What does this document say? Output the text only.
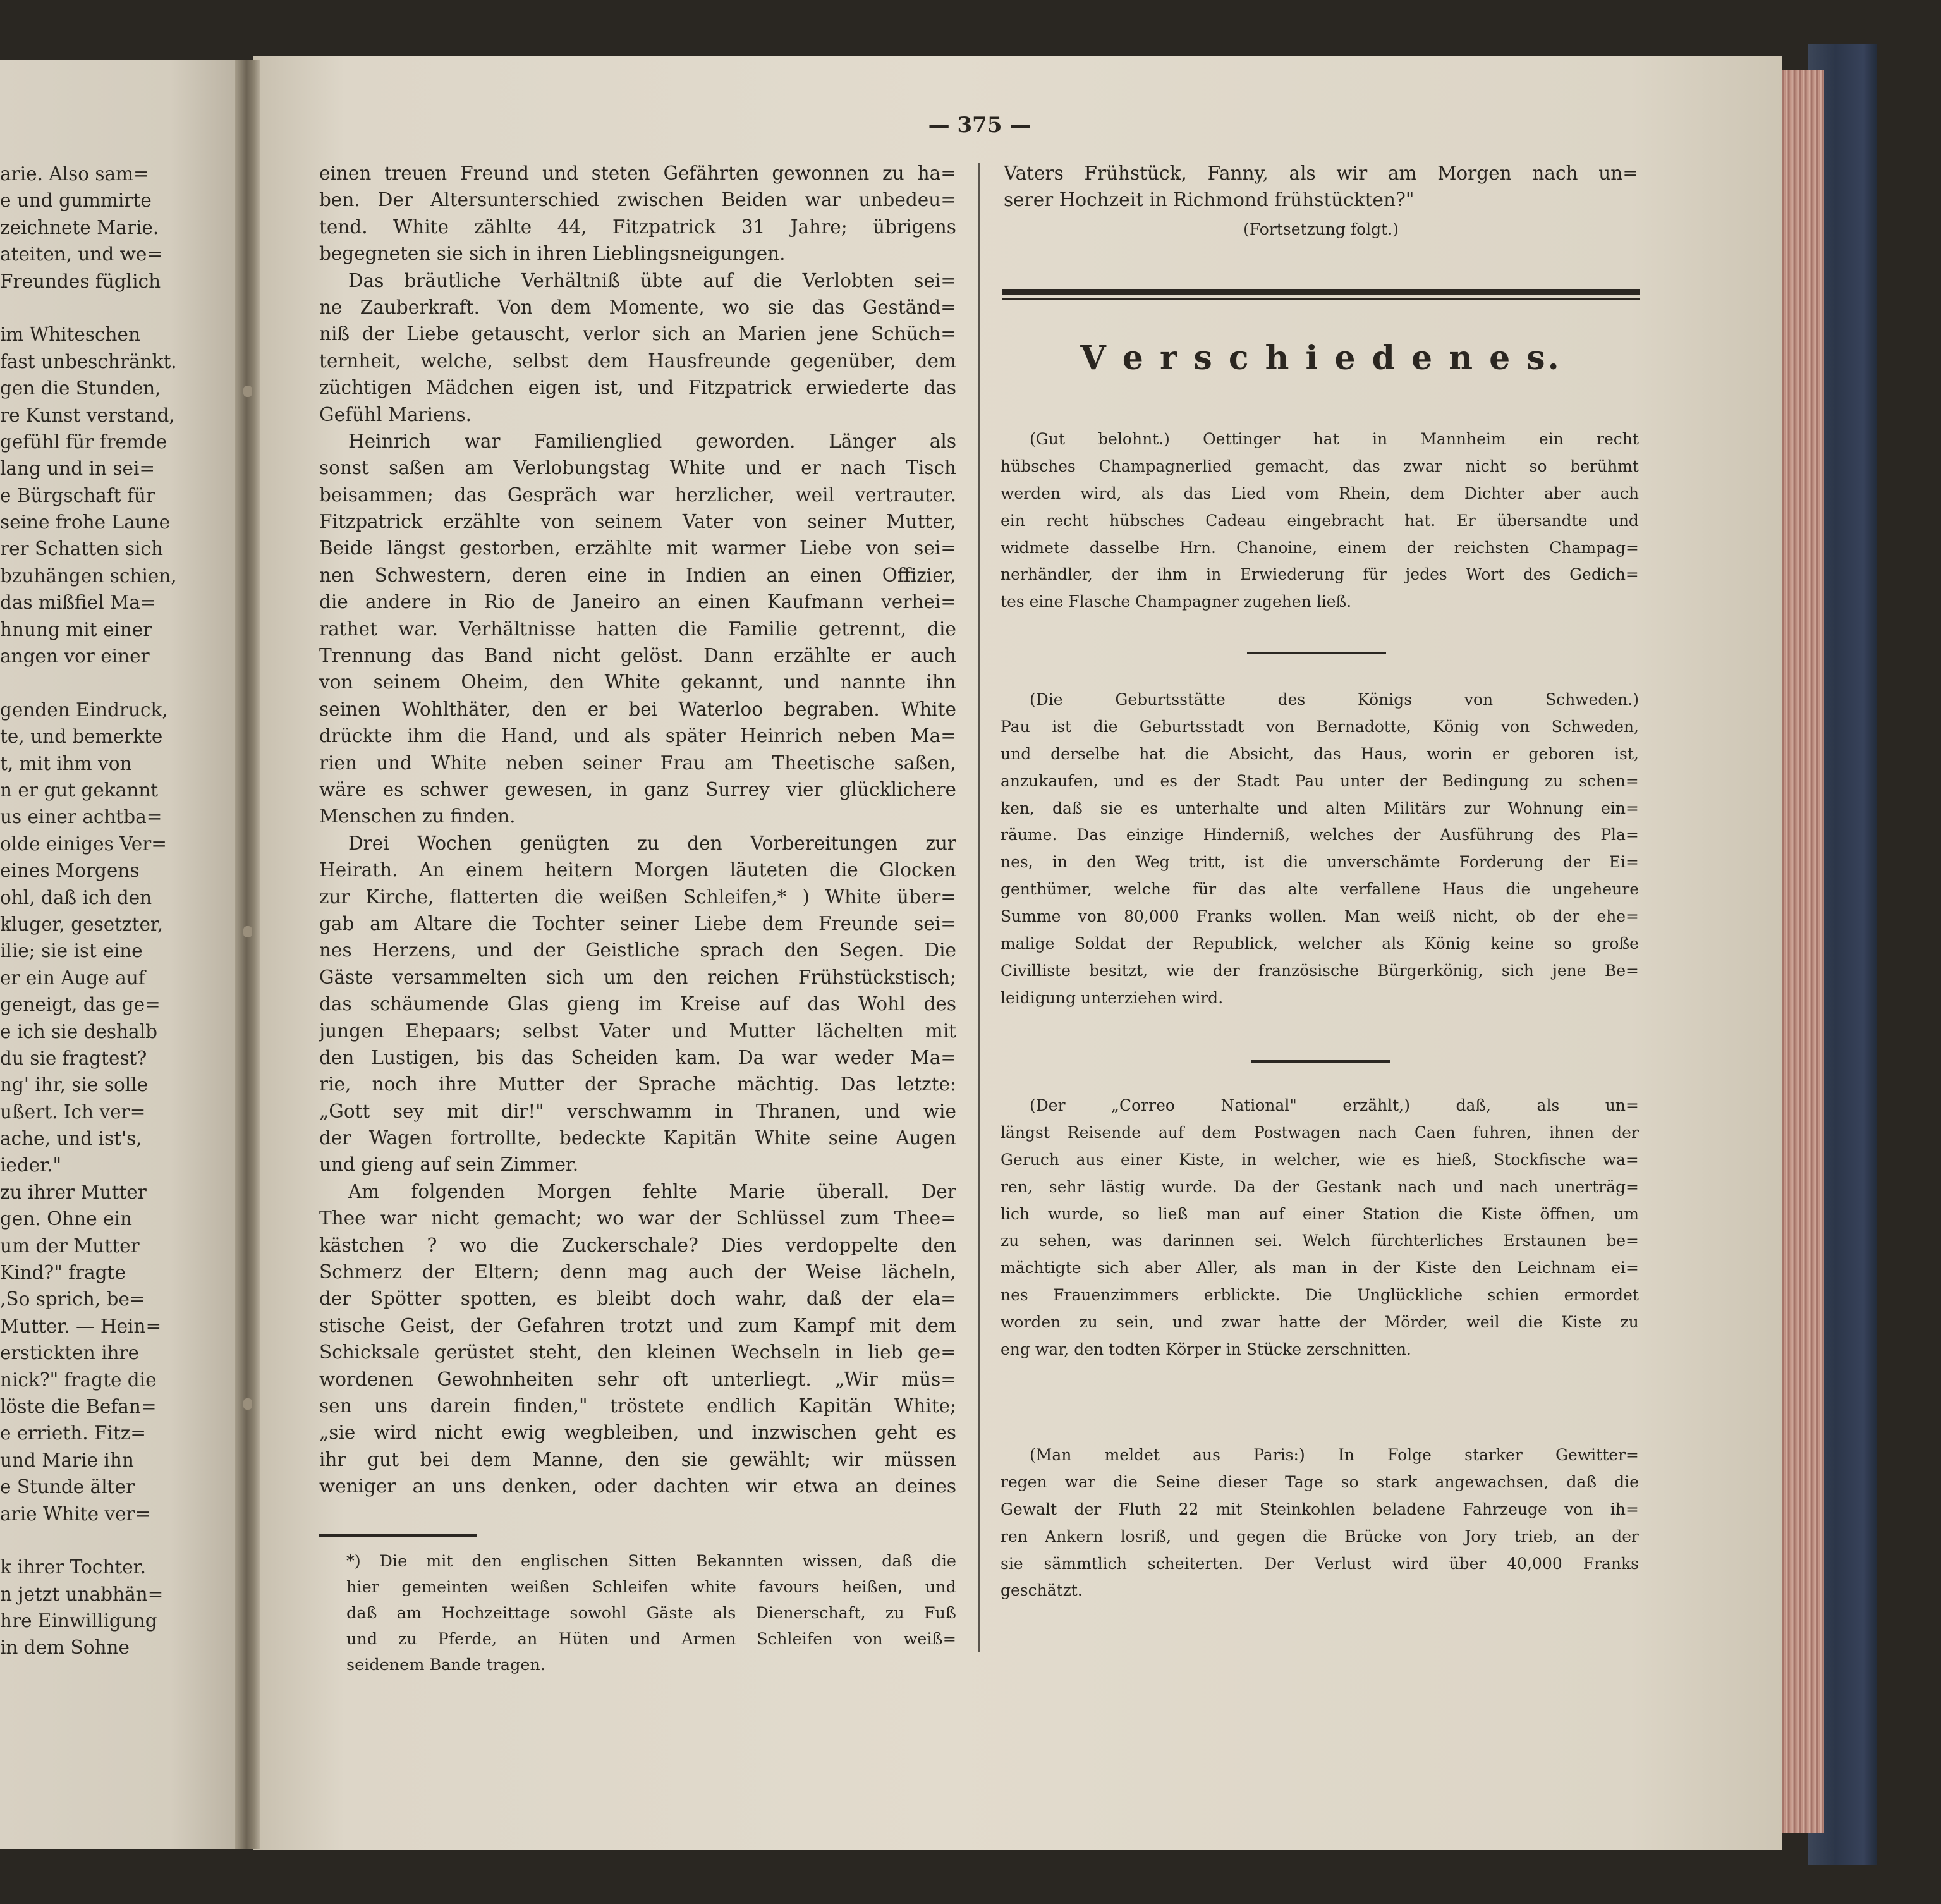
arie. Also sam=
e und gummirte
zeichnete Marie.
ateiten, und we=
Freundes füglich
im Whiteschen
fast unbeschränkt.
gen die Stunden,
re Kunst verstand,
gefühl für fremde
lang und in sei=
e Bürgschaft für
seine frohe Laune
rer Schatten sich
bzuhängen schien,
das mißfiel Ma=
hnung mit einer
angen vor einer
genden Eindruck,
te, und bemerkte
t, mit ihm von
n er gut gekannt
us einer achtba=
olde einiges Ver=
eines Morgens
ohl, daß ich den
kluger, gesetzter,
ilie; sie ist eine
er ein Auge auf
geneigt, das ge=
e ich sie deshalb
du sie fragtest?
ng' ihr, sie solle
ußert. Ich ver=
ache, und ist's,
ieder."
zu ihrer Mutter
gen. Ohne ein
um der Mutter
Kind?" fragte
,So sprich, be=
Mutter. — Hein=
erstickten ihre
nick?" fragte die
löste die Befan=
e errieth. Fitz=
und Marie ihn
e Stunde älter
arie White ver=
k ihrer Tochter.
n jetzt unabhän=
hre Einwilligung
in dem Sohne
— 375 —
einen treuen Freund und steten Gefährten gewonnen zu ha=
ben. Der Altersunterschied zwischen Beiden war unbedeu=
tend. White zählte 44, Fitzpatrick 31 Jahre; übrigens
begegneten sie sich in ihren Lieblingsneigungen.
Das bräutliche Verhältniß übte auf die Verlobten sei=
ne Zauberkraft. Von dem Momente, wo sie das Geständ=
niß der Liebe getauscht, verlor sich an Marien jene Schüch=
ternheit, welche, selbst dem Hausfreunde gegenüber, dem
züchtigen Mädchen eigen ist, und Fitzpatrick erwiederte das
Gefühl Mariens.
Heinrich war Familienglied geworden. Länger als
sonst saßen am Verlobungstag White und er nach Tisch
beisammen; das Gespräch war herzlicher, weil vertrauter.
Fitzpatrick erzählte von seinem Vater von seiner Mutter,
Beide längst gestorben, erzählte mit warmer Liebe von sei=
nen Schwestern, deren eine in Indien an einen Offizier,
die andere in Rio de Janeiro an einen Kaufmann verhei=
rathet war. Verhältnisse hatten die Familie getrennt, die
Trennung das Band nicht gelöst. Dann erzählte er auch
von seinem Oheim, den White gekannt, und nannte ihn
seinen Wohlthäter, den er bei Waterloo begraben. White
drückte ihm die Hand, und als später Heinrich neben Ma=
rien und White neben seiner Frau am Theetische saßen,
wäre es schwer gewesen, in ganz Surrey vier glücklichere
Menschen zu finden.
Drei Wochen genügten zu den Vorbereitungen zur
Heirath. An einem heitern Morgen läuteten die Glocken
zur Kirche, flatterten die weißen Schleifen,* ) White über=
gab am Altare die Tochter seiner Liebe dem Freunde sei=
nes Herzens, und der Geistliche sprach den Segen. Die
Gäste versammelten sich um den reichen Frühstückstisch;
das schäumende Glas gieng im Kreise auf das Wohl des
jungen Ehepaars; selbst Vater und Mutter lächelten mit
den Lustigen, bis das Scheiden kam. Da war weder Ma=
rie, noch ihre Mutter der Sprache mächtig. Das letzte:
„Gott sey mit dir!" verschwamm in Thranen, und wie
der Wagen fortrollte, bedeckte Kapitän White seine Augen
und gieng auf sein Zimmer.
Am folgenden Morgen fehlte Marie überall. Der
Thee war nicht gemacht; wo war der Schlüssel zum Thee=
kästchen ? wo die Zuckerschale? Dies verdoppelte den
Schmerz der Eltern; denn mag auch der Weise lächeln,
der Spötter spotten, es bleibt doch wahr, daß der ela=
stische Geist, der Gefahren trotzt und zum Kampf mit dem
Schicksale gerüstet steht, den kleinen Wechseln in lieb ge=
wordenen Gewohnheiten sehr oft unterliegt. „Wir müs=
sen uns darein finden," tröstete endlich Kapitän White;
„sie wird nicht ewig wegbleiben, und inzwischen geht es
ihr gut bei dem Manne, den sie gewählt; wir müssen
weniger an uns denken, oder dachten wir etwa an deines
*) Die mit den englischen Sitten Bekannten wissen, daß die
hier gemeinten weißen Schleifen white favours heißen, und
daß am Hochzeittage sowohl Gäste als Dienerschaft, zu Fuß
und zu Pferde, an Hüten und Armen Schleifen von weiß=
seidenem Bande tragen.
Vaters Frühstück, Fanny, als wir am Morgen nach un=
serer Hochzeit in Richmond frühstückten?"
(Fortsetzung folgt.)
V e r s c h i e d e n e s.
(Gut belohnt.) Oettinger hat in Mannheim ein recht
hübsches Champagnerlied gemacht, das zwar nicht so berühmt
werden wird, als das Lied vom Rhein, dem Dichter aber auch
ein recht hübsches Cadeau eingebracht hat. Er übersandte und
widmete dasselbe Hrn. Chanoine, einem der reichsten Champag=
nerhändler, der ihm in Erwiederung für jedes Wort des Gedich=
tes eine Flasche Champagner zugehen ließ.
(Die	Geburtsstätte	des	Königs	von	Schweden.)
Pau ist die Geburtsstadt von Bernadotte, König von Schweden,
und derselbe hat die Absicht, das Haus, worin er geboren ist,
anzukaufen, und es der Stadt Pau unter der Bedingung zu schen=
ken, daß sie es unterhalte und alten Militärs zur Wohnung ein=
räume. Das einzige Hinderniß, welches der Ausführung des Pla=
nes, in den Weg tritt, ist die unverschämte Forderung der Ei=
genthümer, welche für das alte verfallene Haus die ungeheure
Summe von 80,000 Franks wollen. Man weiß nicht, ob der ehe=
malige Soldat der Republick, welcher als König keine so große
Civilliste besitzt, wie der französische Bürgerkönig, sich jene Be=
leidigung unterziehen wird.
(Der	„Correo	National"	erzählt,)	daß,	als	un=
längst Reisende auf dem Postwagen nach Caen fuhren, ihnen der
Geruch aus einer Kiste, in welcher, wie es hieß, Stockfische wa=
ren, sehr lästig wurde. Da der Gestank nach und nach unerträg=
lich wurde, so ließ man auf einer Station die Kiste öffnen, um
zu sehen, was darinnen sei. Welch fürchterliches Erstaunen be=
mächtigte sich aber Aller, als man in der Kiste den Leichnam ei=
nes Frauenzimmers erblickte. Die Unglückliche schien ermordet
worden zu sein, und zwar hatte der Mörder, weil die Kiste zu
eng war, den todten Körper in Stücke zerschnitten.
(Man meldet aus Paris:) In Folge starker Gewitter=
regen war die Seine dieser Tage so stark angewachsen, daß die
Gewalt der Fluth 22 mit Steinkohlen beladene Fahrzeuge von ih=
ren Ankern losriß, und gegen die Brücke von Jory trieb, an der
sie sämmtlich scheiterten. Der Verlust wird über 40,000 Franks
geschätzt.
